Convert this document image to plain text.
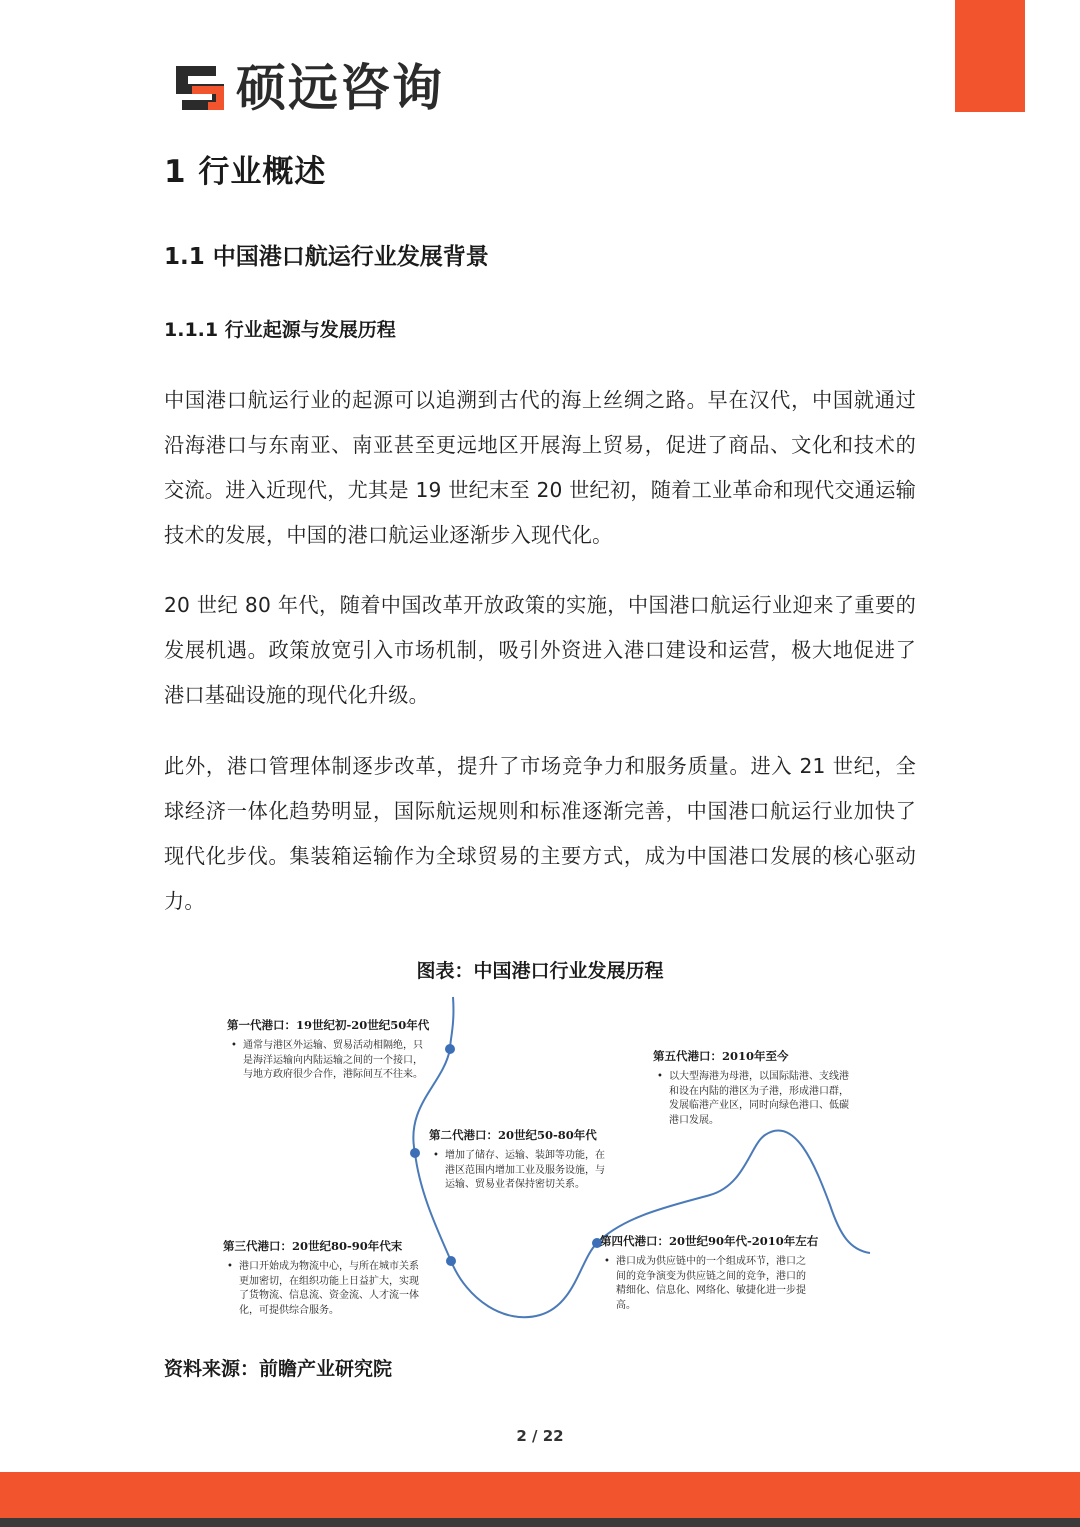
硕远咨询
1 行业概述
1.1 中国港口航运行业发展背景
1.1.1 行业起源与发展历程
中国港口航运行业的起源可以追溯到古代的海上丝绸之路。早在汉代，中国就通过沿海港口与东南亚、南亚甚至更远地区开展海上贸易，促进了商品、文化和技术的交流。进入近现代，尤其是 19 世纪末至 20 世纪初，随着工业革命和现代交通运输技术的发展，中国的港口航运业逐渐步入现代化。
20 世纪 80 年代，随着中国改革开放政策的实施，中国港口航运行业迎来了重要的发展机遇。政策放宽引入市场机制，吸引外资进入港口建设和运营，极大地促进了港口基础设施的现代化升级。
此外，港口管理体制逐步改革，提升了市场竞争力和服务质量。进入 21 世纪，全球经济一体化趋势明显，国际航运规则和标准逐渐完善，中国港口航运行业加快了现代化步伐。集装箱运输作为全球贸易的主要方式，成为中国港口发展的核心驱动力。
图表：中国港口行业发展历程
第一代港口：19世纪初-20世纪50年代
• 通常与港区外运输、贸易活动相隔绝，只是海洋运输向内陆运输之间的一个接口，与地方政府很少合作，港际间互不往来。
第二代港口：20世纪50-80年代
• 增加了储存、运输、装卸等功能，在港区范围内增加工业及服务设施，与运输、贸易业者保持密切关系。
第三代港口：20世纪80-90年代末
• 港口开始成为物流中心，与所在城市关系更加密切，在组织功能上日益扩大，实现了货物流、信息流、资金流、人才流一体化，可提供综合服务。
第四代港口：20世纪90年代-2010年左右
• 港口成为供应链中的一个组成环节，港口之间的竞争演变为供应链之间的竞争，港口的精细化、信息化、网络化、敏捷化进一步提高。
第五代港口：2010年至今
• 以大型海港为母港，以国际陆港、支线港和设在内陆的港区为子港，形成港口群，发展临港产业区，同时向绿色港口、低碳港口发展。
资料来源：前瞻产业研究院
2 / 22
